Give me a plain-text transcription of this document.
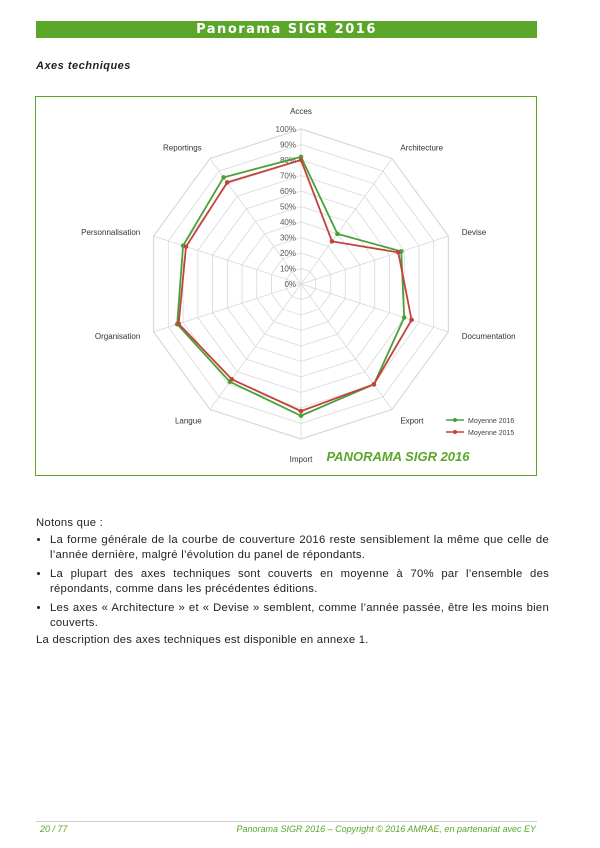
Panorama SIGR 2016
Axes techniques
Acces
Architecture
Devise
Documentation
Export
Import
Langue
Organisation
Personnalisation
Reportings
0%
10%
20%
30%
40%
50%
60%
70%
80%
90%
100%
Moyenne 2016
Moyenne 2015
PANORAMA SIGR 2016
Notons que :
• La forme générale de la courbe de couverture 2016 reste sensiblement la même que celle de l’année dernière, malgré l’évolution du panel de répondants.
• La plupart des axes techniques sont couverts en moyenne à 70% par l’ensemble des répondants, comme dans les précédentes éditions.
• Les axes « Architecture » et « Devise » semblent, comme l’année passée, être les moins bien couverts.
La description des axes techniques est disponible en annexe 1.
20 / 77	Panorama SIGR 2016 – Copyright © 2016 AMRAE, en partenariat avec EY
